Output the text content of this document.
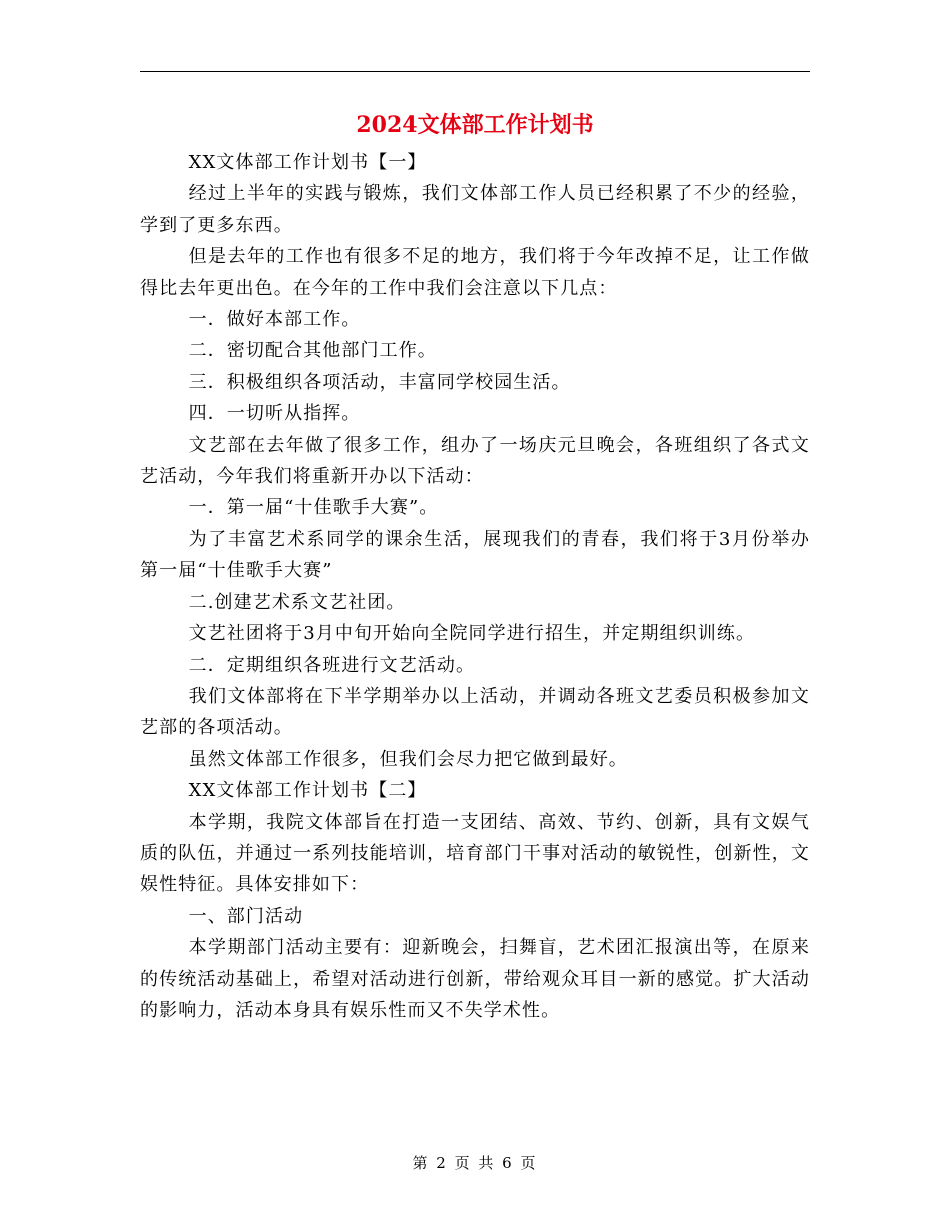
2024文体部工作计划书

XX文体部工作计划书【一】

经过上半年的实践与锻炼，我们文体部工作人员已经积累了不少的经验，学到了更多东西。

但是去年的工作也有很多不足的地方，我们将于今年改掉不足，让工作做得比去年更出色。在今年的工作中我们会注意以下几点：

一．做好本部工作。

二．密切配合其他部门工作。

三．积极组织各项活动，丰富同学校园生活。

四．一切听从指挥。

文艺部在去年做了很多工作，组办了一场庆元旦晚会，各班组织了各式文艺活动，今年我们将重新开办以下活动：

一．第一届“十佳歌手大赛”。

为了丰富艺术系同学的课余生活，展现我们的青春，我们将于3月份举办第一届“十佳歌手大赛”

二.创建艺术系文艺社团。

文艺社团将于3月中旬开始向全院同学进行招生，并定期组织训练。

二．定期组织各班进行文艺活动。

我们文体部将在下半学期举办以上活动，并调动各班文艺委员积极参加文艺部的各项活动。

虽然文体部工作很多，但我们会尽力把它做到最好。

XX文体部工作计划书【二】

本学期，我院文体部旨在打造一支团结、高效、节约、创新，具有文娱气质的队伍，并通过一系列技能培训，培育部门干事对活动的敏锐性，创新性，文娱性特征。具体安排如下：

一、部门活动

本学期部门活动主要有：迎新晚会，扫舞盲，艺术团汇报演出等，在原来的传统活动基础上，希望对活动进行创新，带给观众耳目一新的感觉。扩大活动的影响力，活动本身具有娱乐性而又不失学术性。

第 2 页 共 6 页
